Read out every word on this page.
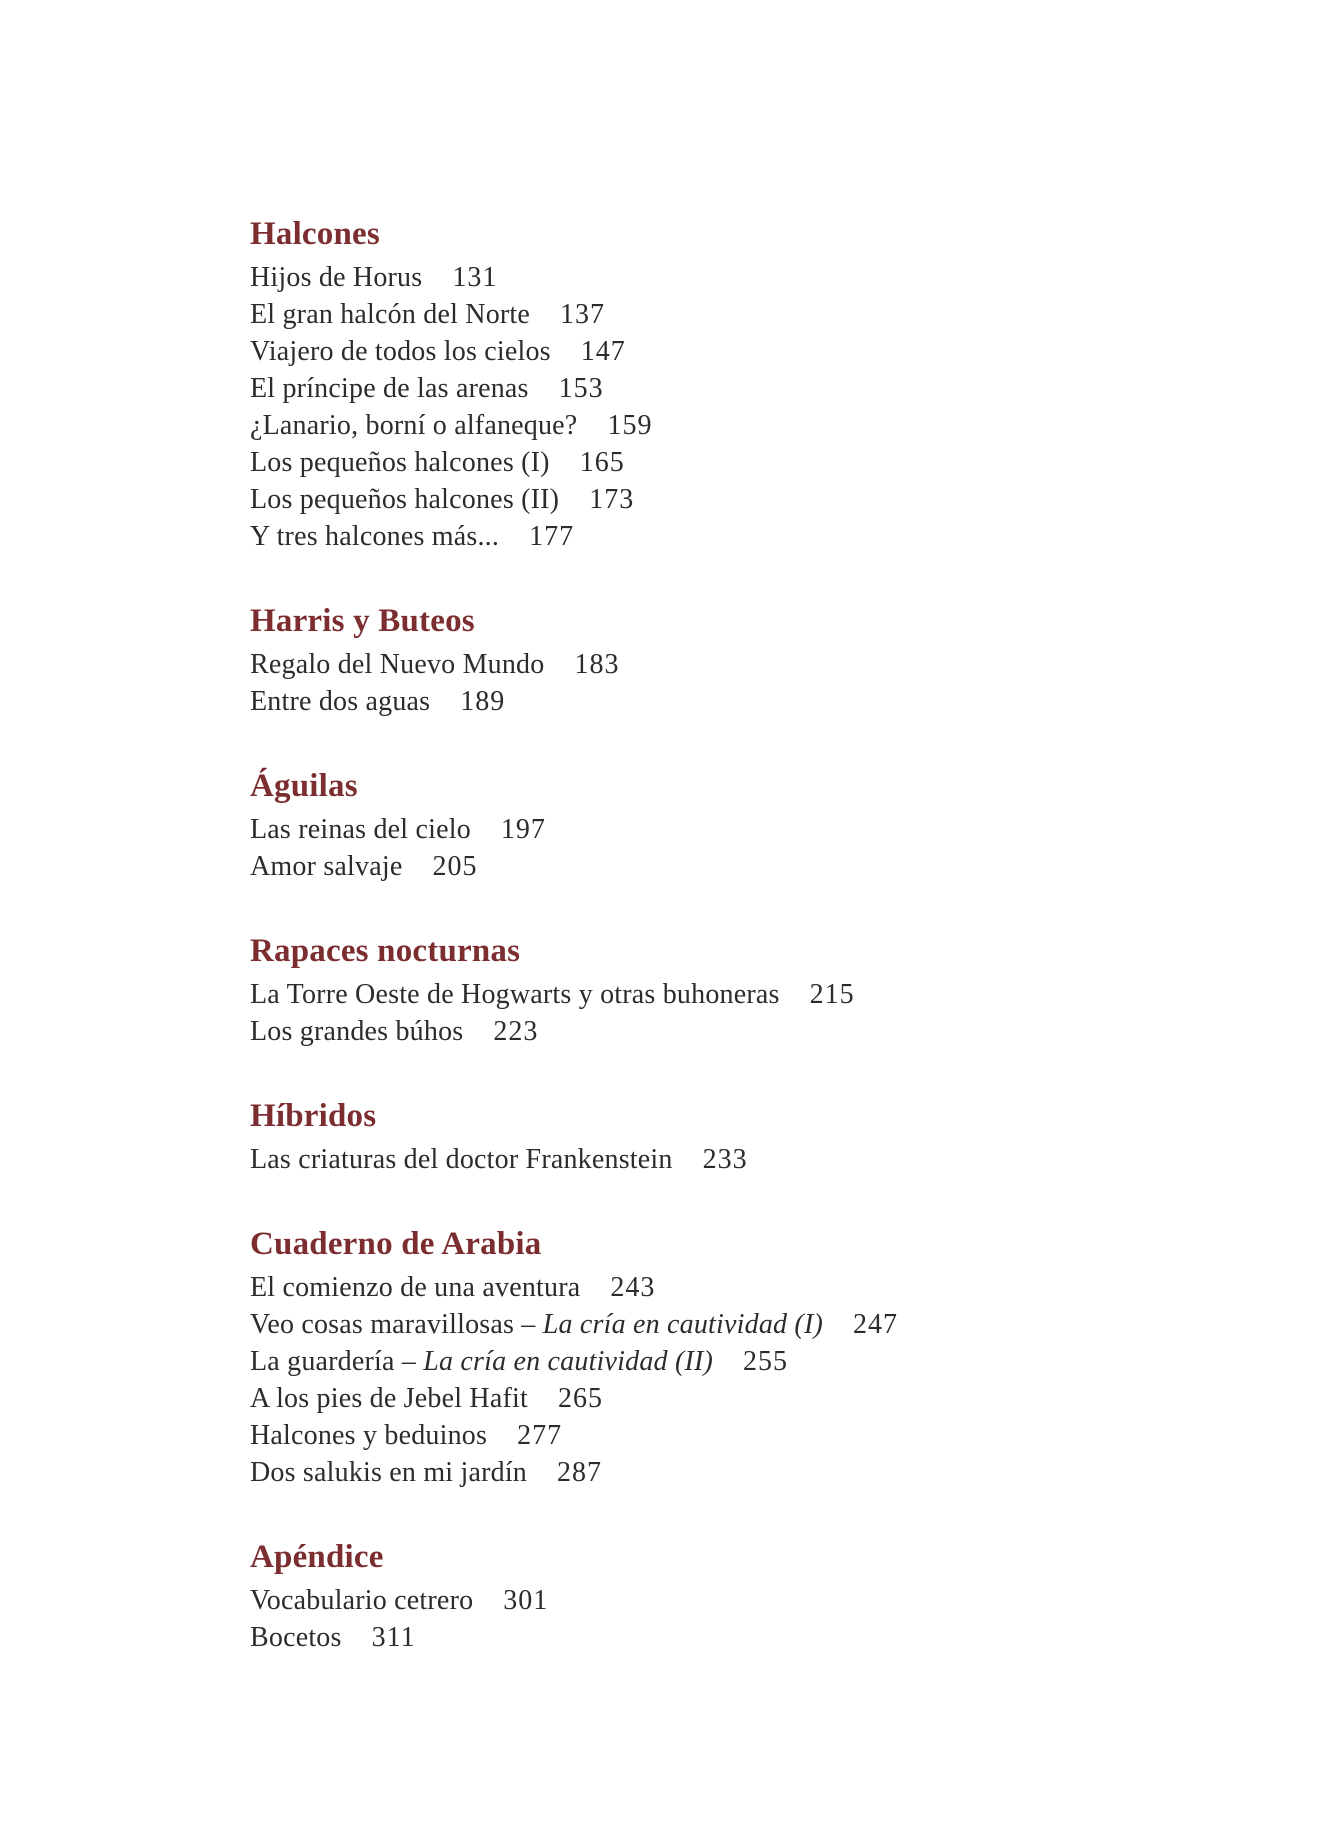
Halcones
Hijos de Horus 131
El gran halcón del Norte 137
Viajero de todos los cielos 147
El príncipe de las arenas 153
¿Lanario, borní o alfaneque? 159
Los pequeños halcones (I) 165
Los pequeños halcones (II) 173
Y tres halcones más... 177
Harris y Buteos
Regalo del Nuevo Mundo 183
Entre dos aguas 189
Águilas
Las reinas del cielo 197
Amor salvaje 205
Rapaces nocturnas
La Torre Oeste de Hogwarts y otras buhoneras 215
Los grandes búhos 223
Híbridos
Las criaturas del doctor Frankenstein 233
Cuaderno de Arabia
El comienzo de una aventura 243
Veo cosas maravillosas – La cría en cautividad (I) 247
La guardería – La cría en cautividad (II) 255
A los pies de Jebel Hafit 265
Halcones y beduinos 277
Dos salukis en mi jardín 287
Apéndice
Vocabulario cetrero 301
Bocetos 311
